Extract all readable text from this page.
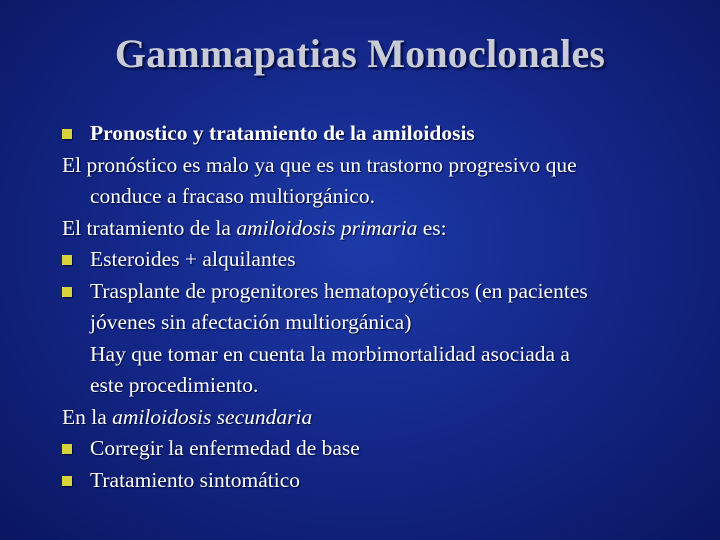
Gammapatias Monoclonales
Pronostico y tratamiento de la amiloidosis
El pronóstico es malo ya que es un trastorno progresivo que
conduce a fracaso multiorgánico.
El tratamiento de la amiloidosis primaria es:
Esteroides + alquilantes
Trasplante de progenitores hematopoyéticos (en pacientes
jóvenes sin afectación multiorgánica)
Hay que tomar en cuenta la morbimortalidad asociada a
este procedimiento.
En la amiloidosis secundaria
Corregir la enfermedad de base
Tratamiento sintomático
